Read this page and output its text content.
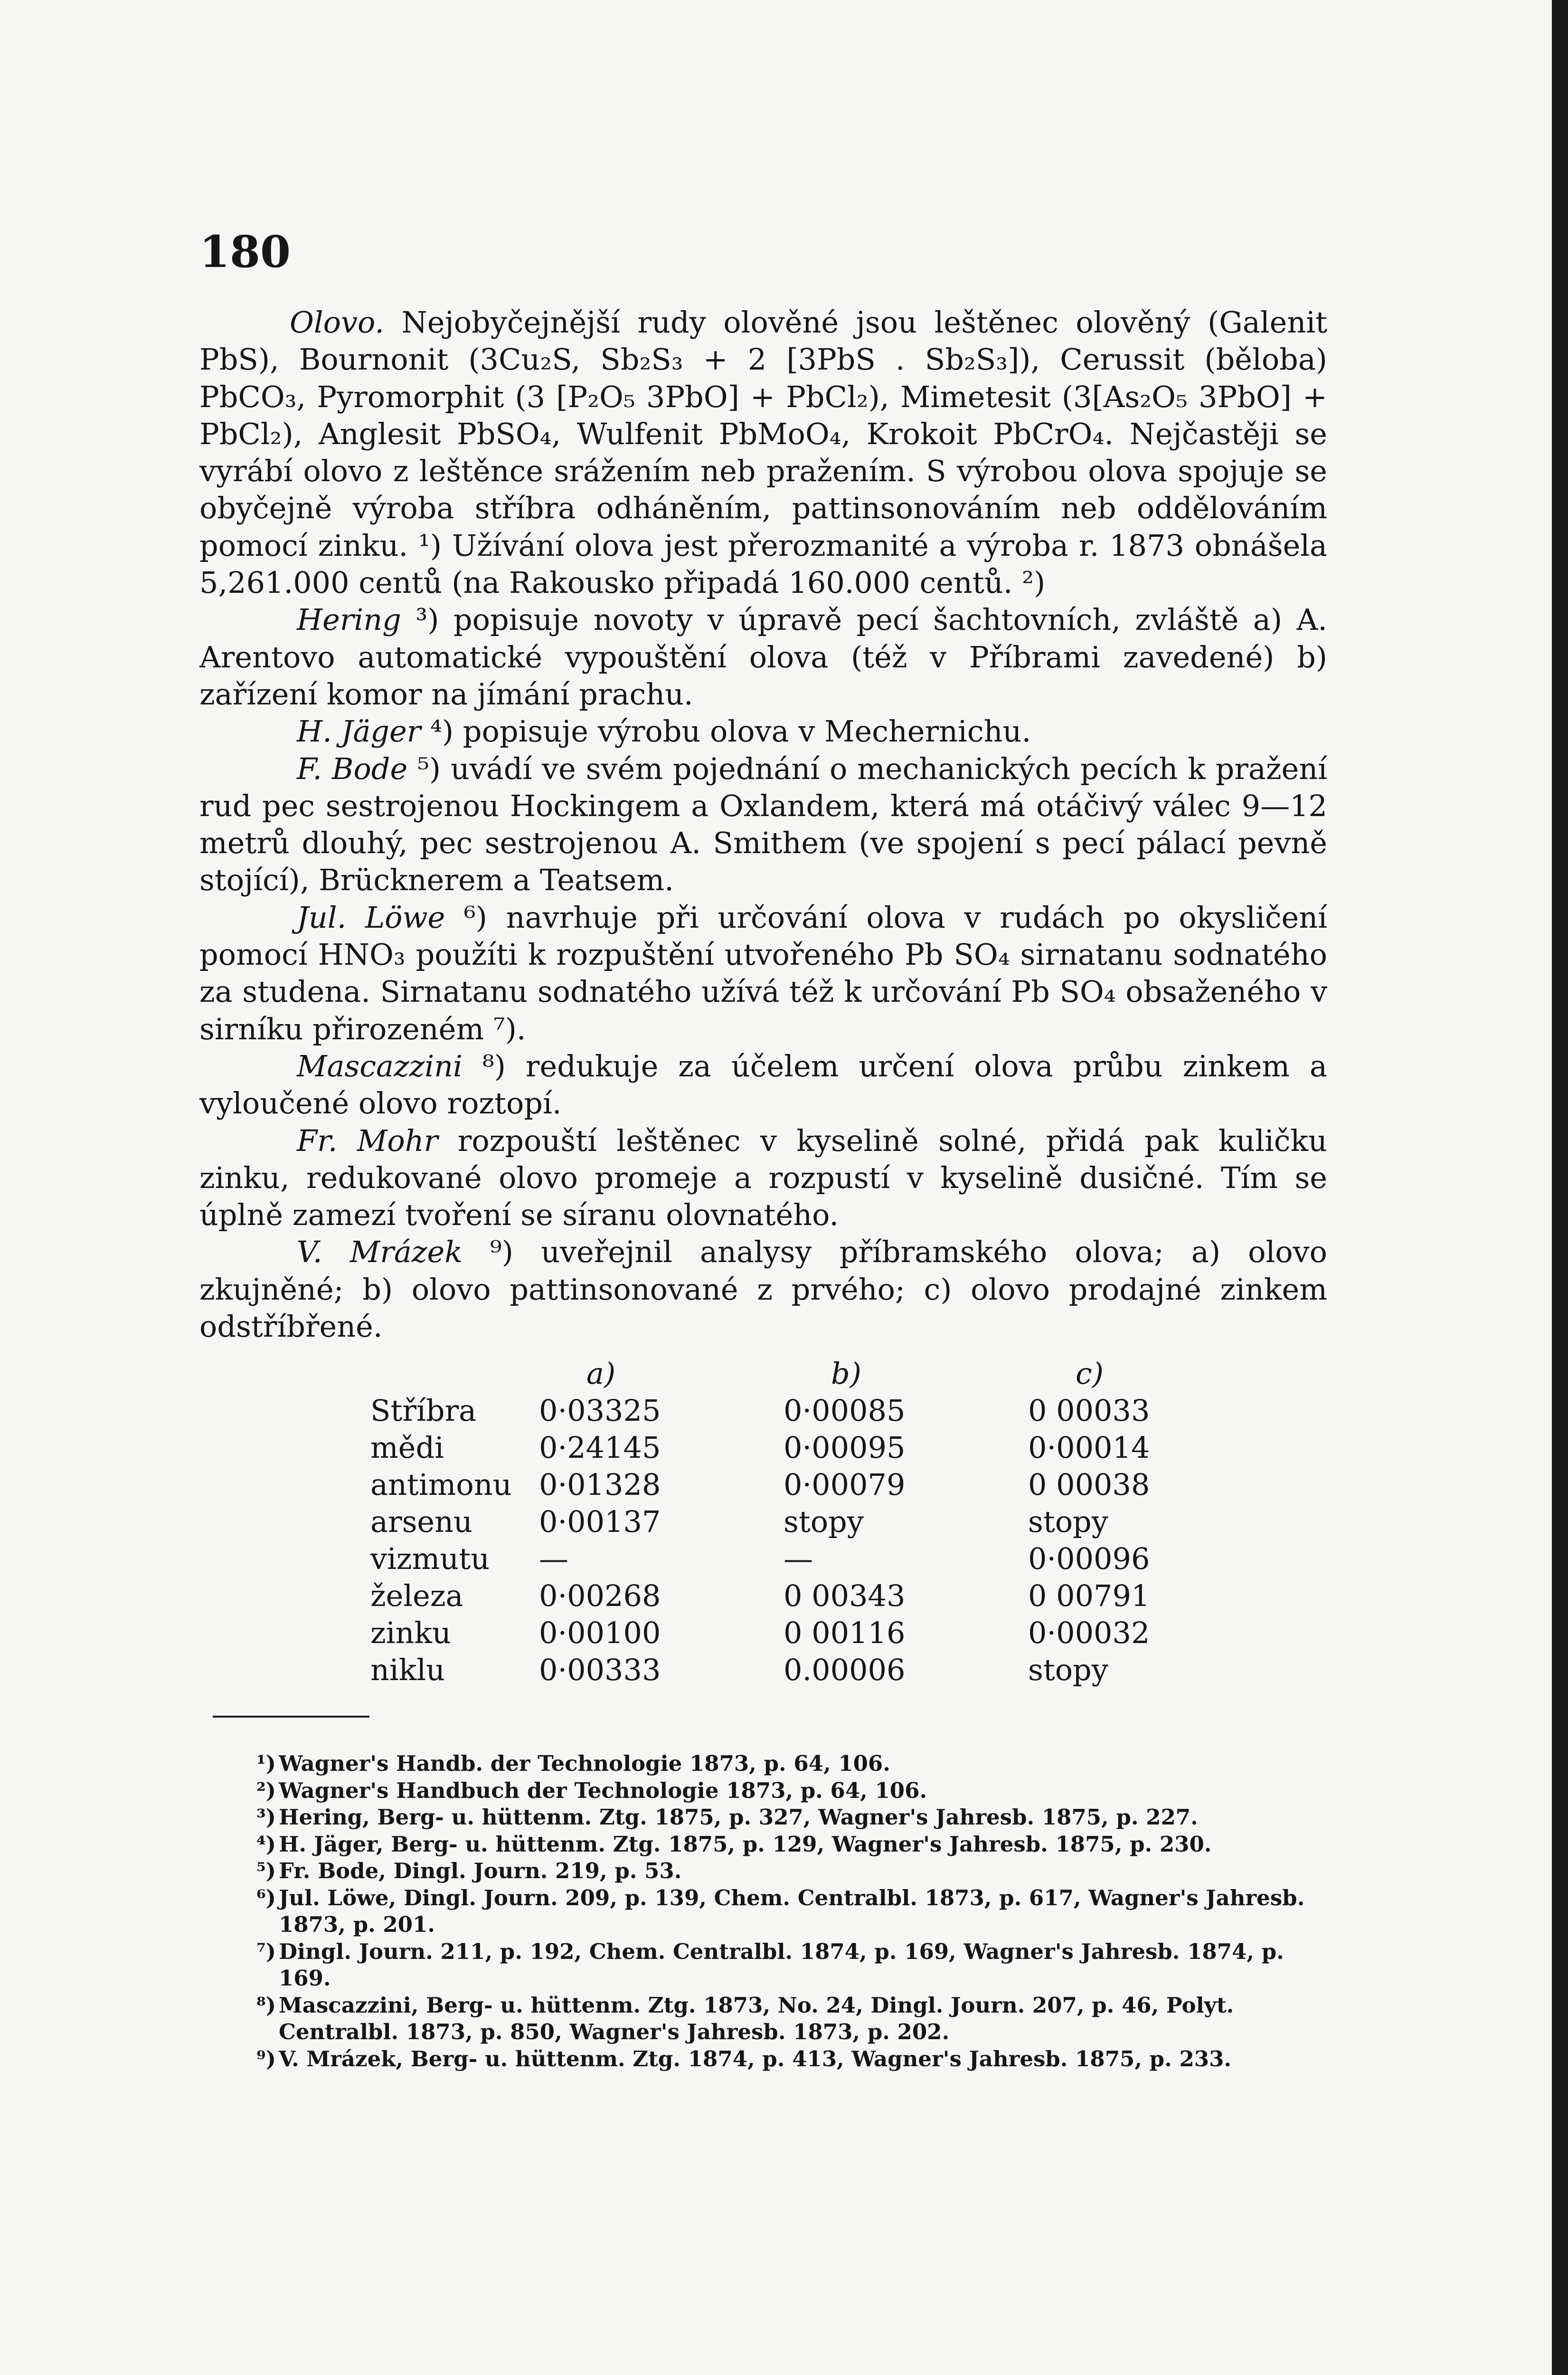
180

Olovo. Nejobyčejnější rudy olověné jsou leštěnec olověný (Galenit PbS), Bournonit (3Cu₂S, Sb₂S₃ + 2 [3PbS . Sb₂S₃]), Cerussit (běloba) PbCO₃, Pyromorphit (3 [P₂O₅ 3PbO] + PbCl₂), Mimetesit (3[As₂O₅ 3PbO] + PbCl₂), Anglesit PbSO₄, Wulfenit PbMoO₄, Krokoit PbCrO₄. Nejčastěji se vyrábí olovo z leštěnce srážením neb pražením. S výrobou olova spojuje se obyčejně výroba stříbra odháněním, pattinsonováním neb oddělováním pomocí zinku. ¹) Užívání olova jest přerozmanité a výroba r. 1873 obnášela 5,261.000 centů (na Rakousko připadá 160.000 centů. ²)

Hering ³) popisuje novoty v úpravě pecí šachtovních, zvláště a) A. Arentovo automatické vypouštění olova (též v Příbrami zavedené) b) zařízení komor na jímání prachu.

H. Jäger ⁴) popisuje výrobu olova v Mechernichu.

F. Bode ⁵) uvádí ve svém pojednání o mechanických pecích k pražení rud pec sestrojenou Hockingem a Oxlandem, která má otáčivý válec 9—12 metrů dlouhý, pec sestrojenou A. Smithem (ve spojení s pecí pálací pevně stojící), Brücknerem a Teatsem.

Jul. Löwe ⁶) navrhuje při určování olova v rudách po okysličení pomocí HNO₃ použíti k rozpuštění utvořeného Pb SO₄ sirnatanu sodnatého za studena. Sirnatanu sodnatého užívá též k určování Pb SO₄ obsaženého v sirníku přirozeném ⁷).

Mascazzini ⁸) redukuje za účelem určení olova průbu zinkem a vyloučené olovo roztopí.

Fr. Mohr rozpouští leštěnec v kyselině solné, přidá pak kuličku zinku, redukované olovo promeje a rozpustí v kyselině dusičné. Tím se úplně zamezí tvoření se síranu olovnatého.

V. Mrázek ⁹) uveřejnil analysy příbramského olova; a) olovo zkujněné; b) olovo pattinsonované z prvého; c) olovo prodajné zinkem odstříbřené.

a)	b)	c)
Stříbra 0·03325	0·00085	0 00033
mědi	0·24145	0·00095	0·00014
antimonu 0·01328	0·00079	0 00038
arsenu 0·00137	stopy	stopy
vizmutu —	—	0·00096
železa	0·00268	0 00343	0 00791
zinku	0·00100	0 00116	0·00032
niklu	0·00333	0.00006	stopy
¹) Wagner's Handb. der Technologie 1873, p. 64, 106.
²) Wagner's Handbuch der Technologie 1873, p. 64, 106.
³) Hering, Berg- u. hüttenm. Ztg. 1875, p. 327, Wagner's Jahresb. 1875, p. 227.
⁴) H. Jäger, Berg- u. hüttenm. Ztg. 1875, p. 129, Wagner's Jahresb. 1875, p. 230.
⁵) Fr. Bode, Dingl. Journ. 219, p. 53.
⁶) Jul. Löwe, Dingl. Journ. 209, p. 139, Chem. Centralbl. 1873, p. 617, Wagner's Jahresb. 1873, p. 201.
⁷) Dingl. Journ. 211, p. 192, Chem. Centralbl. 1874, p. 169, Wagner's Jahresb. 1874, p. 169.
⁸) Mascazzini, Berg- u. hüttenm. Ztg. 1873, No. 24, Dingl. Journ. 207, p. 46, Polyt. Centralbl. 1873, p. 850, Wagner's Jahresb. 1873, p. 202.
⁹) V. Mrázek, Berg- u. hüttenm. Ztg. 1874, p. 413, Wagner's Jahresb. 1875, p. 233.
